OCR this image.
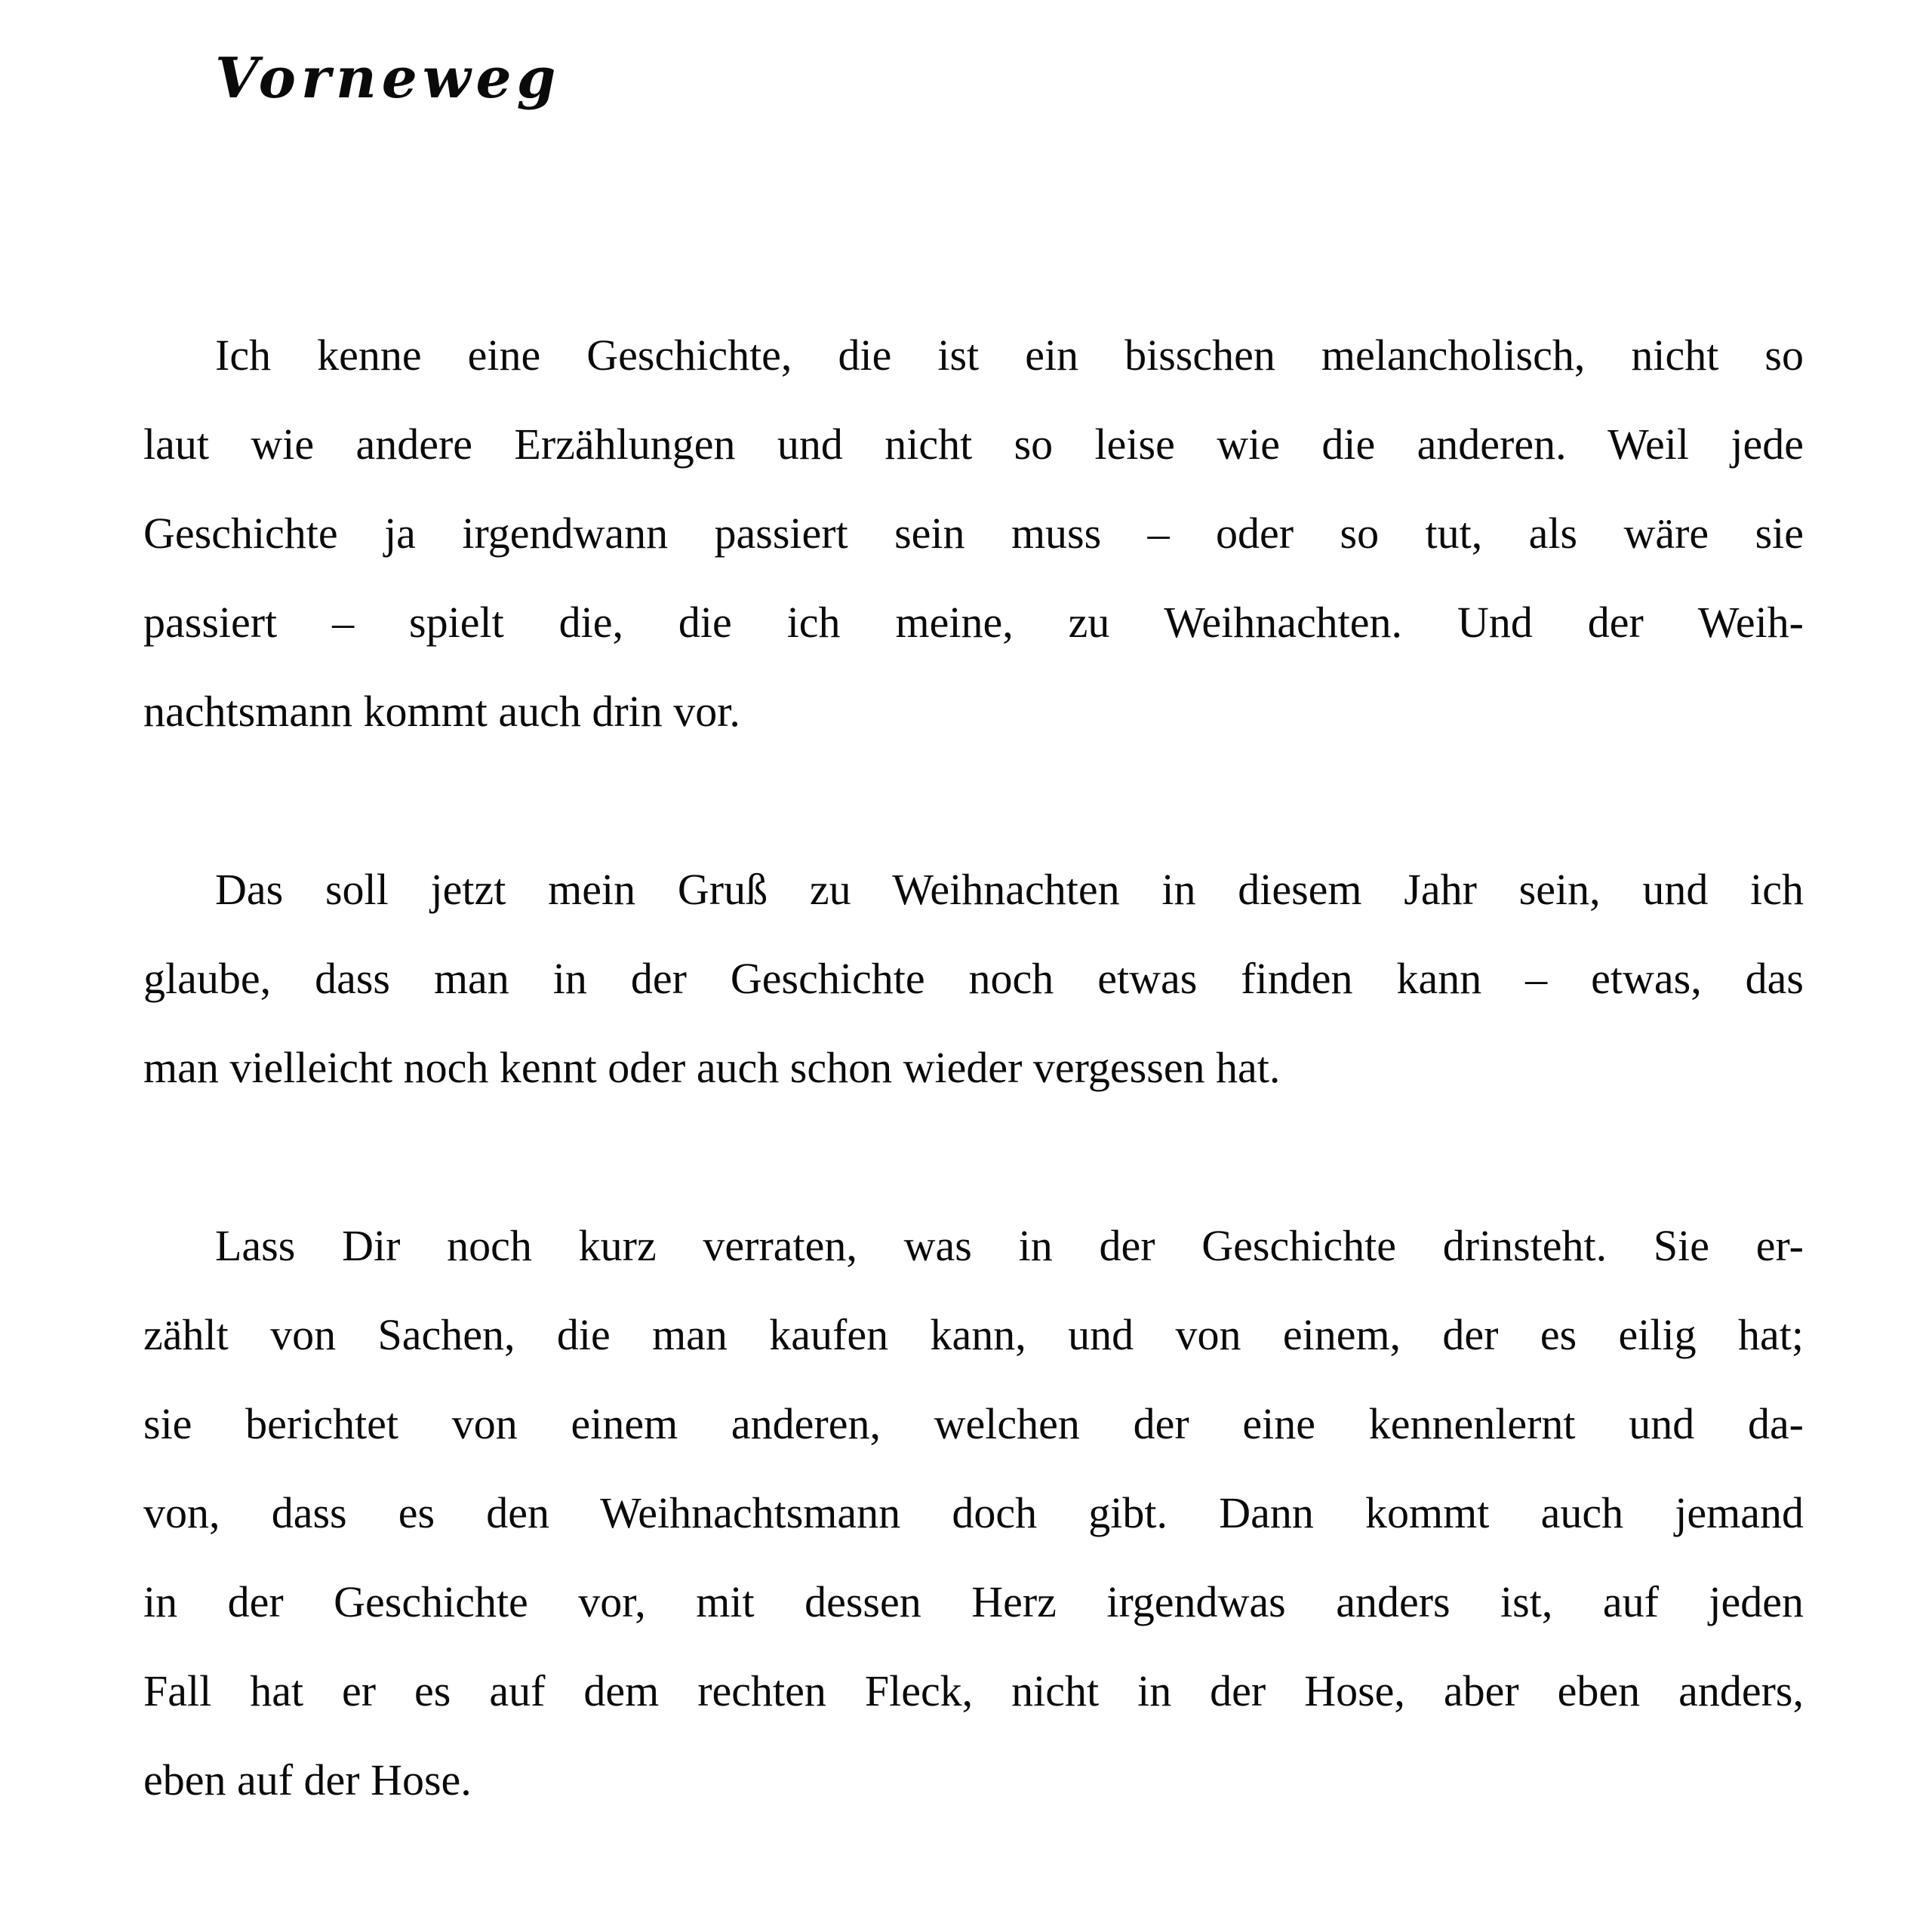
Vorneweg
Ich kenne eine Geschichte, die ist ein bisschen melancholisch, nicht so
laut wie andere Erzählungen und nicht so leise wie die anderen. Weil jede
Geschichte ja irgendwann passiert sein muss – oder so tut, als wäre sie
passiert – spielt die, die ich meine, zu Weihnachten. Und der Weih-
nachtsmann kommt auch drin vor.
Das soll jetzt mein Gruß zu Weihnachten in diesem Jahr sein, und ich
glaube, dass man in der Geschichte noch etwas finden kann – etwas, das
man vielleicht noch kennt oder auch schon wieder vergessen hat.
Lass Dir noch kurz verraten, was in der Geschichte drinsteht. Sie er-
zählt von Sachen, die man kaufen kann, und von einem, der es eilig hat;
sie berichtet von einem anderen, welchen der eine kennenlernt und da-
von, dass es den Weihnachtsmann doch gibt. Dann kommt auch jemand
in der Geschichte vor, mit dessen Herz irgendwas anders ist, auf jeden
Fall hat er es auf dem rechten Fleck, nicht in der Hose, aber eben anders,
eben auf der Hose.
